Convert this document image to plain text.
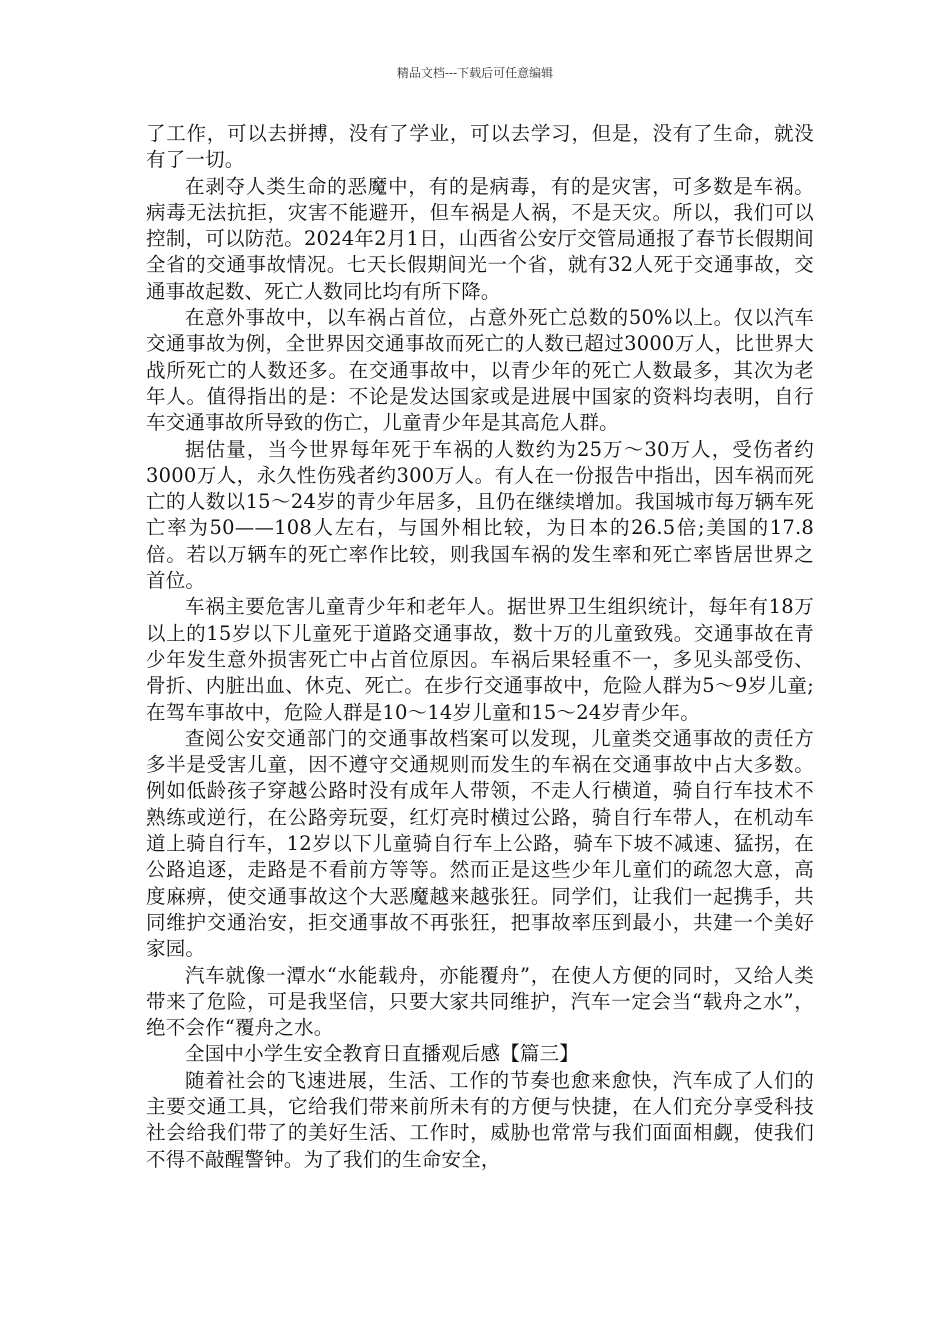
精品文档---下载后可任意编辑

了工作，可以去拼搏，没有了学业，可以去学习，但是，没有了生命，就没有了一切。

在剥夺人类生命的恶魔中，有的是病毒，有的是灾害，可多数是车祸。病毒无法抗拒，灾害不能避开，但车祸是人祸，不是天灾。所以，我们可以控制，可以防范。2024年2月1日，山西省公安厅交管局通报了春节长假期间全省的交通事故情况。七天长假期间光一个省，就有32人死于交通事故，交通事故起数、死亡人数同比均有所下降。

在意外事故中，以车祸占首位，占意外死亡总数的50%以上。仅以汽车交通事故为例，全世界因交通事故而死亡的人数已超过3000万人，比世界大战所死亡的人数还多。在交通事故中，以青少年的死亡人数最多，其次为老年人。值得指出的是：不论是发达国家或是进展中国家的资料均表明，自行车交通事故所导致的伤亡，儿童青少年是其高危人群。

据估量，当今世界每年死于车祸的人数约为25万～30万人，受伤者约3000万人，永久性伤残者约300万人。有人在一份报告中指出，因车祸而死亡的人数以15～24岁的青少年居多，且仍在继续增加。我国城市每万辆车死亡率为50——108人左右，与国外相比较，为日本的26.5倍;美国的17.8倍。若以万辆车的死亡率作比较，则我国车祸的发生率和死亡率皆居世界之首位。

车祸主要危害儿童青少年和老年人。据世界卫生组织统计，每年有18万以上的15岁以下儿童死于道路交通事故，数十万的儿童致残。交通事故在青少年发生意外损害死亡中占首位原因。车祸后果轻重不一，多见头部受伤、骨折、内脏出血、休克、死亡。在步行交通事故中，危险人群为5～9岁儿童;在驾车事故中，危险人群是10～14岁儿童和15～24岁青少年。

查阅公安交通部门的交通事故档案可以发现，儿童类交通事故的责任方多半是受害儿童，因不遵守交通规则而发生的车祸在交通事故中占大多数。例如低龄孩子穿越公路时没有成年人带领，不走人行横道，骑自行车技术不熟练或逆行，在公路旁玩耍，红灯亮时横过公路，骑自行车带人，在机动车道上骑自行车，12岁以下儿童骑自行车上公路，骑车下坡不减速、猛拐，在公路追逐，走路是不看前方等等。然而正是这些少年儿童们的疏忽大意，高度麻痹，使交通事故这个大恶魔越来越张狂。同学们，让我们一起携手，共同维护交通治安，拒交通事故不再张狂，把事故率压到最小，共建一个美好家园。

汽车就像一潭水“水能载舟，亦能覆舟”，在使人方便的同时，又给人类带来了危险，可是我坚信，只要大家共同维护，汽车一定会当“载舟之水”，绝不会作“覆舟之水。

全国中小学生安全教育日直播观后感【篇三】

随着社会的飞速进展，生活、工作的节奏也愈来愈快，汽车成了人们的主要交通工具，它给我们带来前所未有的方便与快捷，在人们充分享受科技社会给我们带了的美好生活、工作时，威胁也常常与我们面面相觑，使我们不得不敲醒警钟。为了我们的生命安全，
